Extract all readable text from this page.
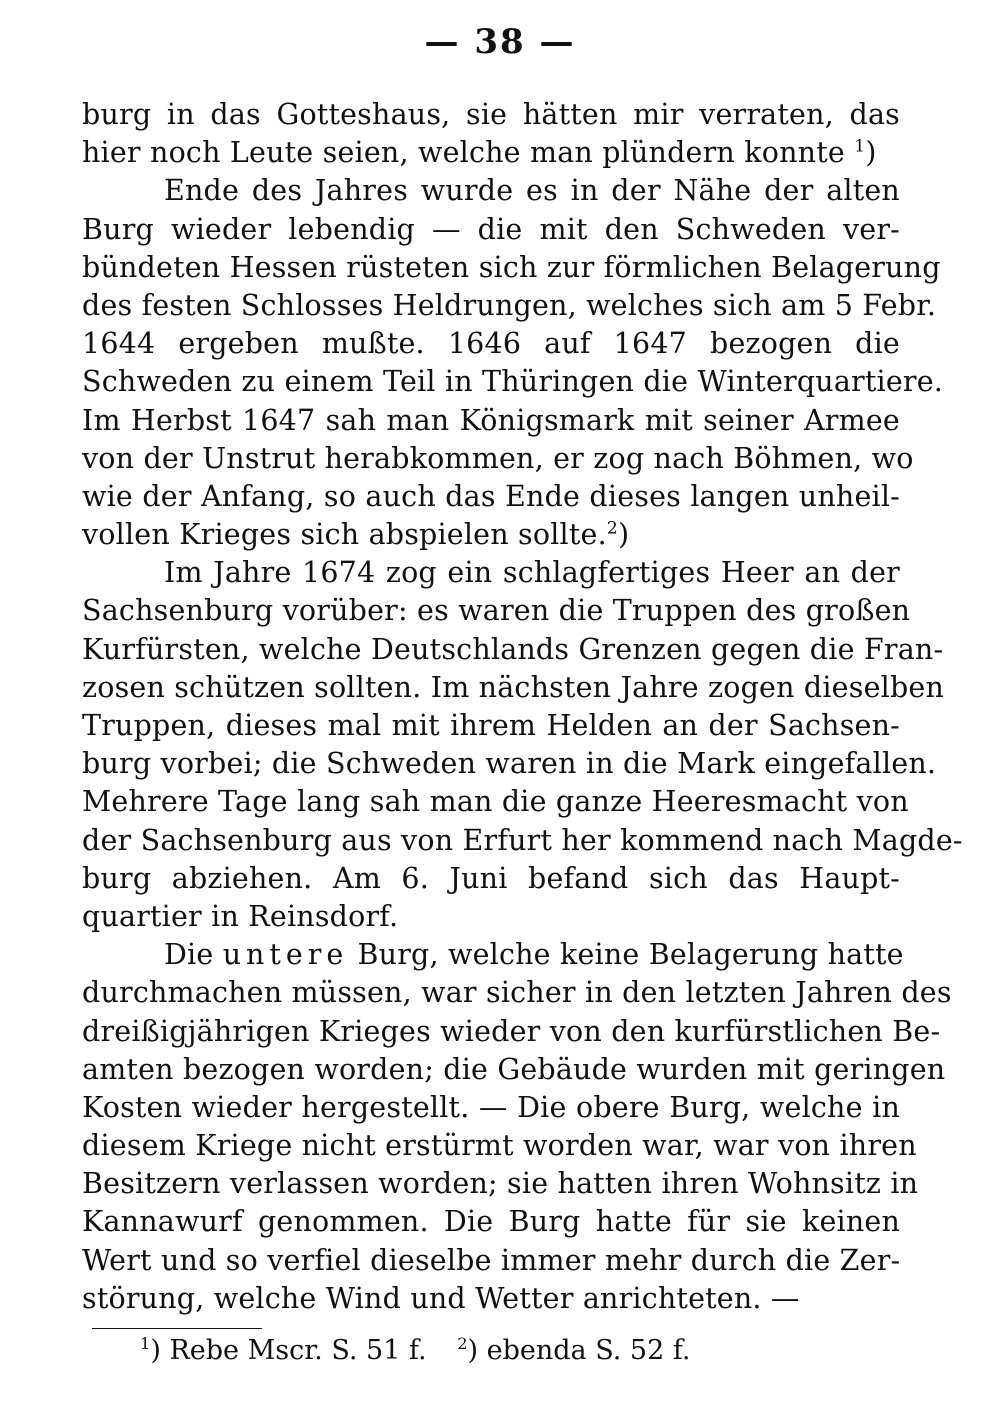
— 38 —
burg in das Gotteshaus, sie hätten mir verraten, das
hier noch Leute seien, welche man plündern konnte $^1$)
Ende des Jahres wurde es in der Nähe der alten
Burg wieder lebendig — die mit den Schweden ver-
bündeten Hessen rüsteten sich zur förmlichen Belagerung
des festen Schlosses Heldrungen, welches sich am 5 Febr.
1644 ergeben mußte. 1646 auf 1647 bezogen die
Schweden zu einem Teil in Thüringen die Winterquartiere.
Im Herbst 1647 sah man Königsmark mit seiner Armee
von der Unstrut herabkommen, er zog nach Böhmen, wo
wie der Anfang, so auch das Ende dieses langen unheil-
vollen Krieges sich abspielen sollte.$^2$)
Im Jahre 1674 zog ein schlagfertiges Heer an der
Sachsenburg vorüber: es waren die Truppen des großen
Kurfürsten, welche Deutschlands Grenzen gegen die Fran-
zosen schützen sollten. Im nächsten Jahre zogen dieselben
Truppen, dieses mal mit ihrem Helden an der Sachsen-
burg vorbei; die Schweden waren in die Mark eingefallen.
Mehrere Tage lang sah man die ganze Heeresmacht von
der Sachsenburg aus von Erfurt her kommend nach Magde-
burg abziehen. Am 6. Juni befand sich das Haupt-
quartier in Reinsdorf.
Die untere Burg, welche keine Belagerung hatte
durchmachen müssen, war sicher in den letzten Jahren des
dreißigjährigen Krieges wieder von den kurfürstlichen Be-
amten bezogen worden; die Gebäude wurden mit geringen
Kosten wieder hergestellt. — Die obere Burg, welche in
diesem Kriege nicht erstürmt worden war, war von ihren
Besitzern verlassen worden; sie hatten ihren Wohnsitz in
Kannawurf genommen. Die Burg hatte für sie keinen
Wert und so verfiel dieselbe immer mehr durch die Zer-
störung, welche Wind und Wetter anrichteten. —
$^1$) Rebe Mscr. S. 51 f. $^2$) ebenda S. 52 f.
